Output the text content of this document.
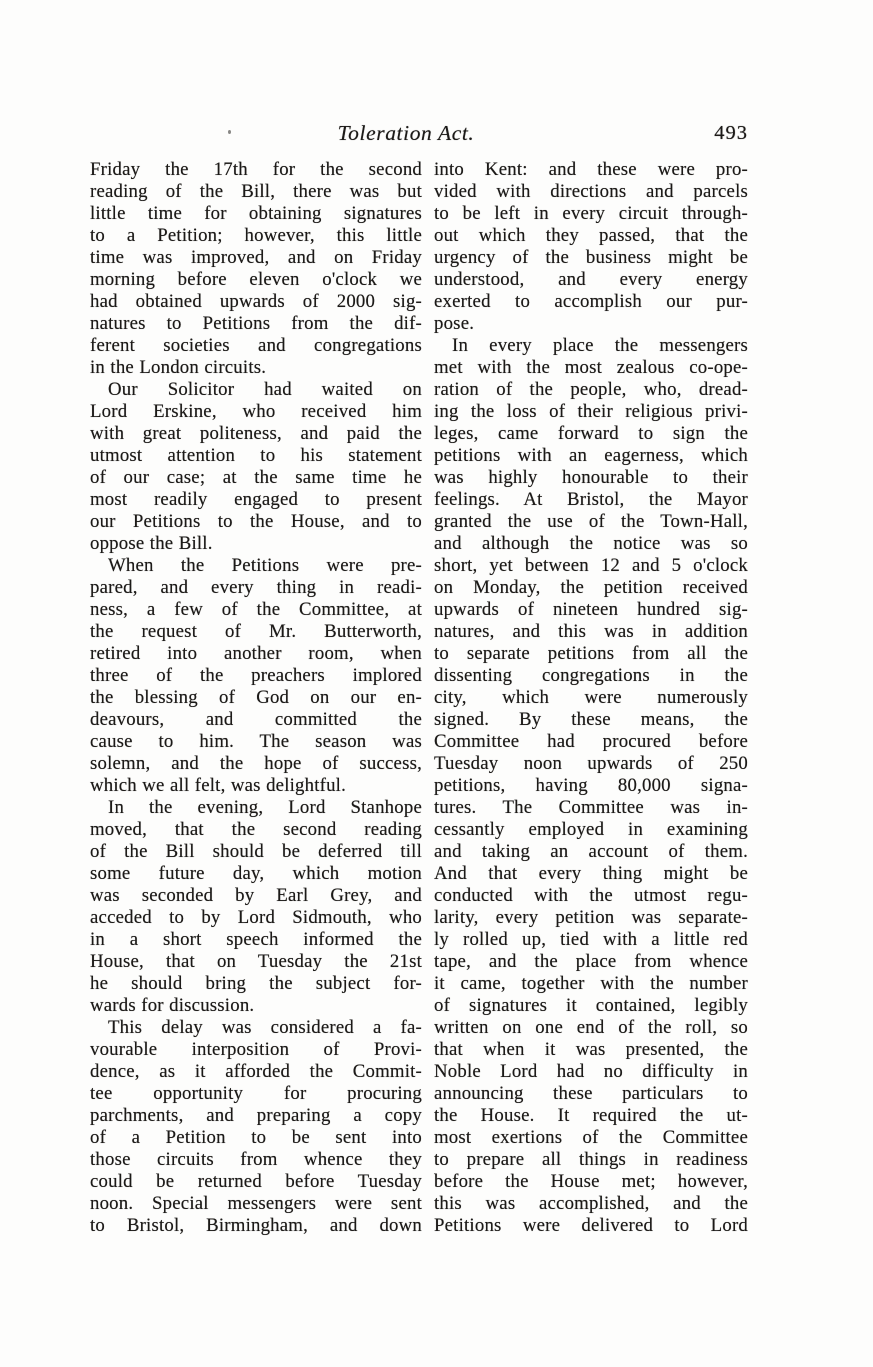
Toleration Act.	493
Friday the 17th for the second
reading of the Bill, there was but
little time for obtaining signatures
to a Petition; however, this little
time was improved, and on Friday
morning before eleven o'clock we
had obtained upwards of 2000 sig-
natures to Petitions from the dif-
ferent societies and congregations
in the London circuits.
Our Solicitor had waited on
Lord Erskine, who received him
with great politeness, and paid the
utmost attention to his statement
of our case; at the same time he
most readily engaged to present
our Petitions to the House, and to
oppose the Bill.
When the Petitions were pre-
pared, and every thing in readi-
ness, a few of the Committee, at
the request of Mr. Butterworth,
retired into another room, when
three of the preachers implored
the blessing of God on our en-
deavours, and committed the
cause to him. The season was
solemn, and the hope of success,
which we all felt, was delightful.
In the evening, Lord Stanhope
moved, that the second reading
of the Bill should be deferred till
some future day, which motion
was seconded by Earl Grey, and
acceded to by Lord Sidmouth, who
in a short speech informed the
House, that on Tuesday the 21st
he should bring the subject for-
wards for discussion.
This delay was considered a fa-
vourable interposition of Provi-
dence, as it afforded the Commit-
tee opportunity for procuring
parchments, and preparing a copy
of a Petition to be sent into
those circuits from whence they
could be returned before Tuesday
noon. Special messengers were sent
to Bristol, Birmingham, and down
into Kent: and these were pro-
vided with directions and parcels
to be left in every circuit through-
out which they passed, that the
urgency of the business might be
understood, and every energy
exerted to accomplish our pur-
pose.
In every place the messengers
met with the most zealous co-ope-
ration of the people, who, dread-
ing the loss of their religious privi-
leges, came forward to sign the
petitions with an eagerness, which
was highly honourable to their
feelings. At Bristol, the Mayor
granted the use of the Town-Hall,
and although the notice was so
short, yet between 12 and 5 o'clock
on Monday, the petition received
upwards of nineteen hundred sig-
natures, and this was in addition
to separate petitions from all the
dissenting congregations in the
city, which were numerously
signed. By these means, the
Committee had procured before
Tuesday noon upwards of 250
petitions, having 80,000 signa-
tures. The Committee was in-
cessantly employed in examining
and taking an account of them.
And that every thing might be
conducted with the utmost regu-
larity, every petition was separate-
ly rolled up, tied with a little red
tape, and the place from whence
it came, together with the number
of signatures it contained, legibly
written on one end of the roll, so
that when it was presented, the
Noble Lord had no difficulty in
announcing these particulars to
the House. It required the ut-
most exertions of the Committee
to prepare all things in readiness
before the House met; however,
this was accomplished, and the
Petitions were delivered to Lord
